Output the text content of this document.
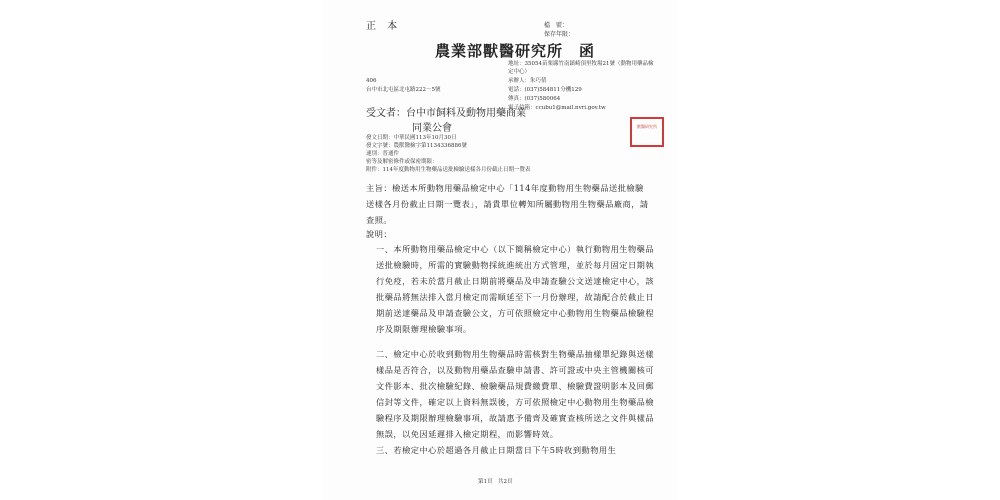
正 本	檔　號：
保存年限：
農業部獸醫研究所　函
地址：35054苗栗縣竹南鎮崎頂里牧場21號（動物用藥品檢定中心）
承辦人：朱巧倩
電話：(037)584811分機129
傳真：(037)580064
電子信箱：ccubu1@mail.nvri.gov.tw
406
台中市北屯區北屯路222－5號
受文者：台中市飼料及動物用藥商業
同業公會
發文日期：中華民國113年10月30日
發文字號：農獸醫檢字第1134336886號
速別：普通件
密等及解密條件或保密期限：
附件：114年度動物用生物藥品送批檢驗送樣各月份截止日期一覽表
獸醫研究所
主旨：檢送本所動物用藥品檢定中心「114年度動物用生物藥品送批檢驗送樣各月份截止日期一覽表」，請貴單位轉知所屬動物用生物藥品廠商，請查照。
說明：
一、本所動物用藥品檢定中心（以下簡稱檢定中心）執行動物用生物藥品送批檢驗時，所需的實驗動物採統進統出方式管理，並於每月固定日期執行免疫，若未於當月截止日期前將藥品及申請查驗公文送達檢定中心，該批藥品將無法排入當月檢定而需順延至下一月份辦理，故請配合於截止日期前送達藥品及申請查驗公文，方可依照檢定中心動物用生物藥品檢驗程序及期限辦理檢驗事項。
二、檢定中心於收到動物用生物藥品時需核對生物藥品抽樣單紀錄與送樣樣品是否符合，以及動物用藥品查驗申請書、許可證或中央主管機關核可文件影本、批次檢驗紀錄、檢驗藥品規費繳費單、檢驗費證明影本及回郵信封等文件，確定以上資料無誤後，方可依照檢定中心動物用生物藥品檢驗程序及期限辦理檢驗事項，故請惠予備齊及確實查核所送之文件與樣品無誤，以免因延遲排入檢定期程，而影響時效。
三、若檢定中心於超過各月截止日期當日下午5時收到動物用生
第1頁　共2頁
